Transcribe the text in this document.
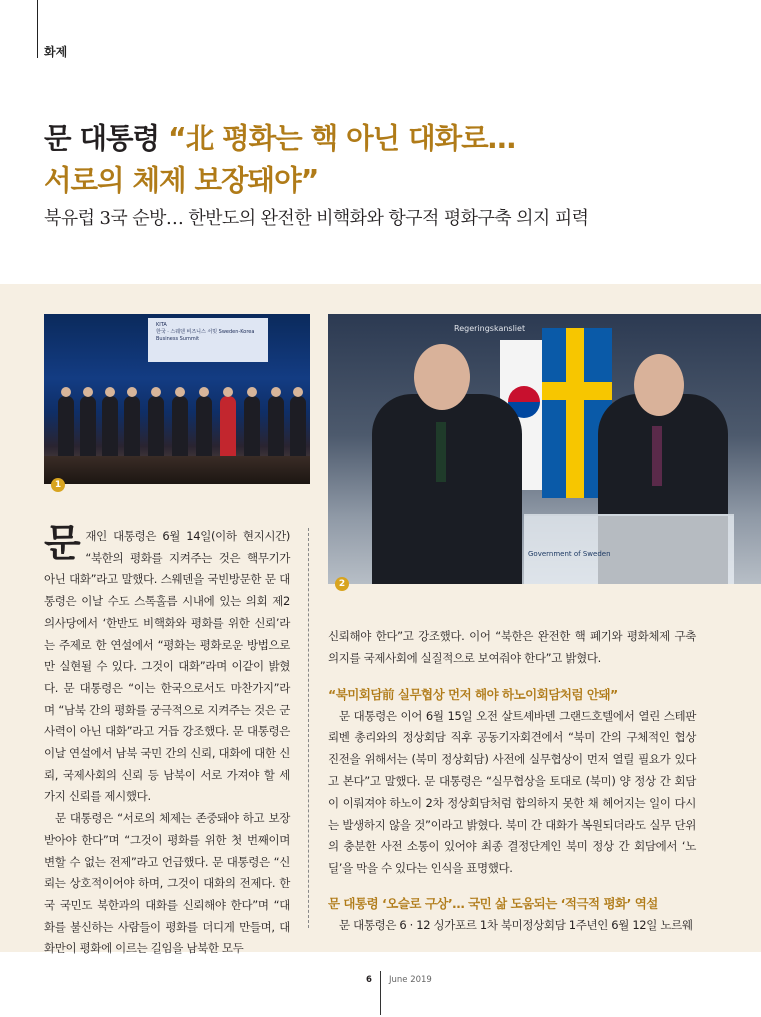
화제
문 대통령 “北 평화는 핵 아닌 대화로…
서로의 체제 보장돼야”
북유럽 3국 순방… 한반도의 완전한 비핵화와 항구적 평화구축 의지 피력
KITA
한국 · 스웨덴 비즈니스 서밋 Sweden-Korea Business Summit
1
Regeringskansliet
Government of Sweden
2

문재인 대통령은 6월 14일(이하 현지시간) “북한의 평화를 지켜주는 것은 핵무기가 아닌 대화”라고 말했다. 스웨덴을 국빈방문한 문 대통령은 이날 수도 스톡홀름 시내에 있는 의회 제2 의사당에서 ‘한반도 비핵화와 평화를 위한 신뢰’라는 주제로 한 연설에서 “평화는 평화로운 방법으로만 실현될 수 있다. 그것이 대화”라며 이같이 밝혔다. 문 대통령은 “이는 한국으로서도 마찬가지”라며 “남북 간의 평화를 궁극적으로 지켜주는 것은 군사력이 아닌 대화”라고 거듭 강조했다. 문 대통령은 이날 연설에서 남북 국민 간의 신뢰, 대화에 대한 신뢰, 국제사회의 신뢰 등 남북이 서로 가져야 할 세 가지 신뢰를 제시했다.

문 대통령은 “서로의 체제는 존중돼야 하고 보장받아야 한다”며 “그것이 평화를 위한 첫 번째이며 변할 수 없는 전제”라고 언급했다. 문 대통령은 “신뢰는 상호적이어야 하며, 그것이 대화의 전제다. 한국 국민도 북한과의 대화를 신뢰해야 한다”며 “대화를 불신하는 사람들이 평화를 더디게 만들며, 대화만이 평화에 이르는 길임을 남북한 모두

신뢰해야 한다”고 강조했다. 이어 “북한은 완전한 핵 폐기와 평화체제 구축 의지를 국제사회에 실질적으로 보여줘야 한다”고 밝혔다.

“북미회담前 실무협상 먼저 해야 하노이회담처럼 안돼”

문 대통령은 이어 6월 15일 오전 살트셰바덴 그랜드호텔에서 열린 스테판 뢰벤 총리와의 정상회담 직후 공동기자회견에서 “북미 간의 구체적인 협상 진전을 위해서는 (북미 정상회담) 사전에 실무협상이 먼저 열릴 필요가 있다고 본다”고 말했다. 문 대통령은 “실무협상을 토대로 (북미) 양 정상 간 회담이 이뤄져야 하노이 2차 정상회담처럼 합의하지 못한 채 헤어지는 일이 다시는 발생하지 않을 것”이라고 밝혔다. 북미 간 대화가 복원되더라도 실무 단위의 충분한 사전 소통이 있어야 최종 결정단계인 북미 정상 간 회담에서 ‘노딜’을 막을 수 있다는 인식을 표명했다.

문 대통령 ‘오슬로 구상’… 국민 삶 도움되는 ‘적극적 평화’ 역설

문 대통령은 6 · 12 싱가포르 1차 북미정상회담 1주년인 6월 12일 노르웨

6 June 2019
